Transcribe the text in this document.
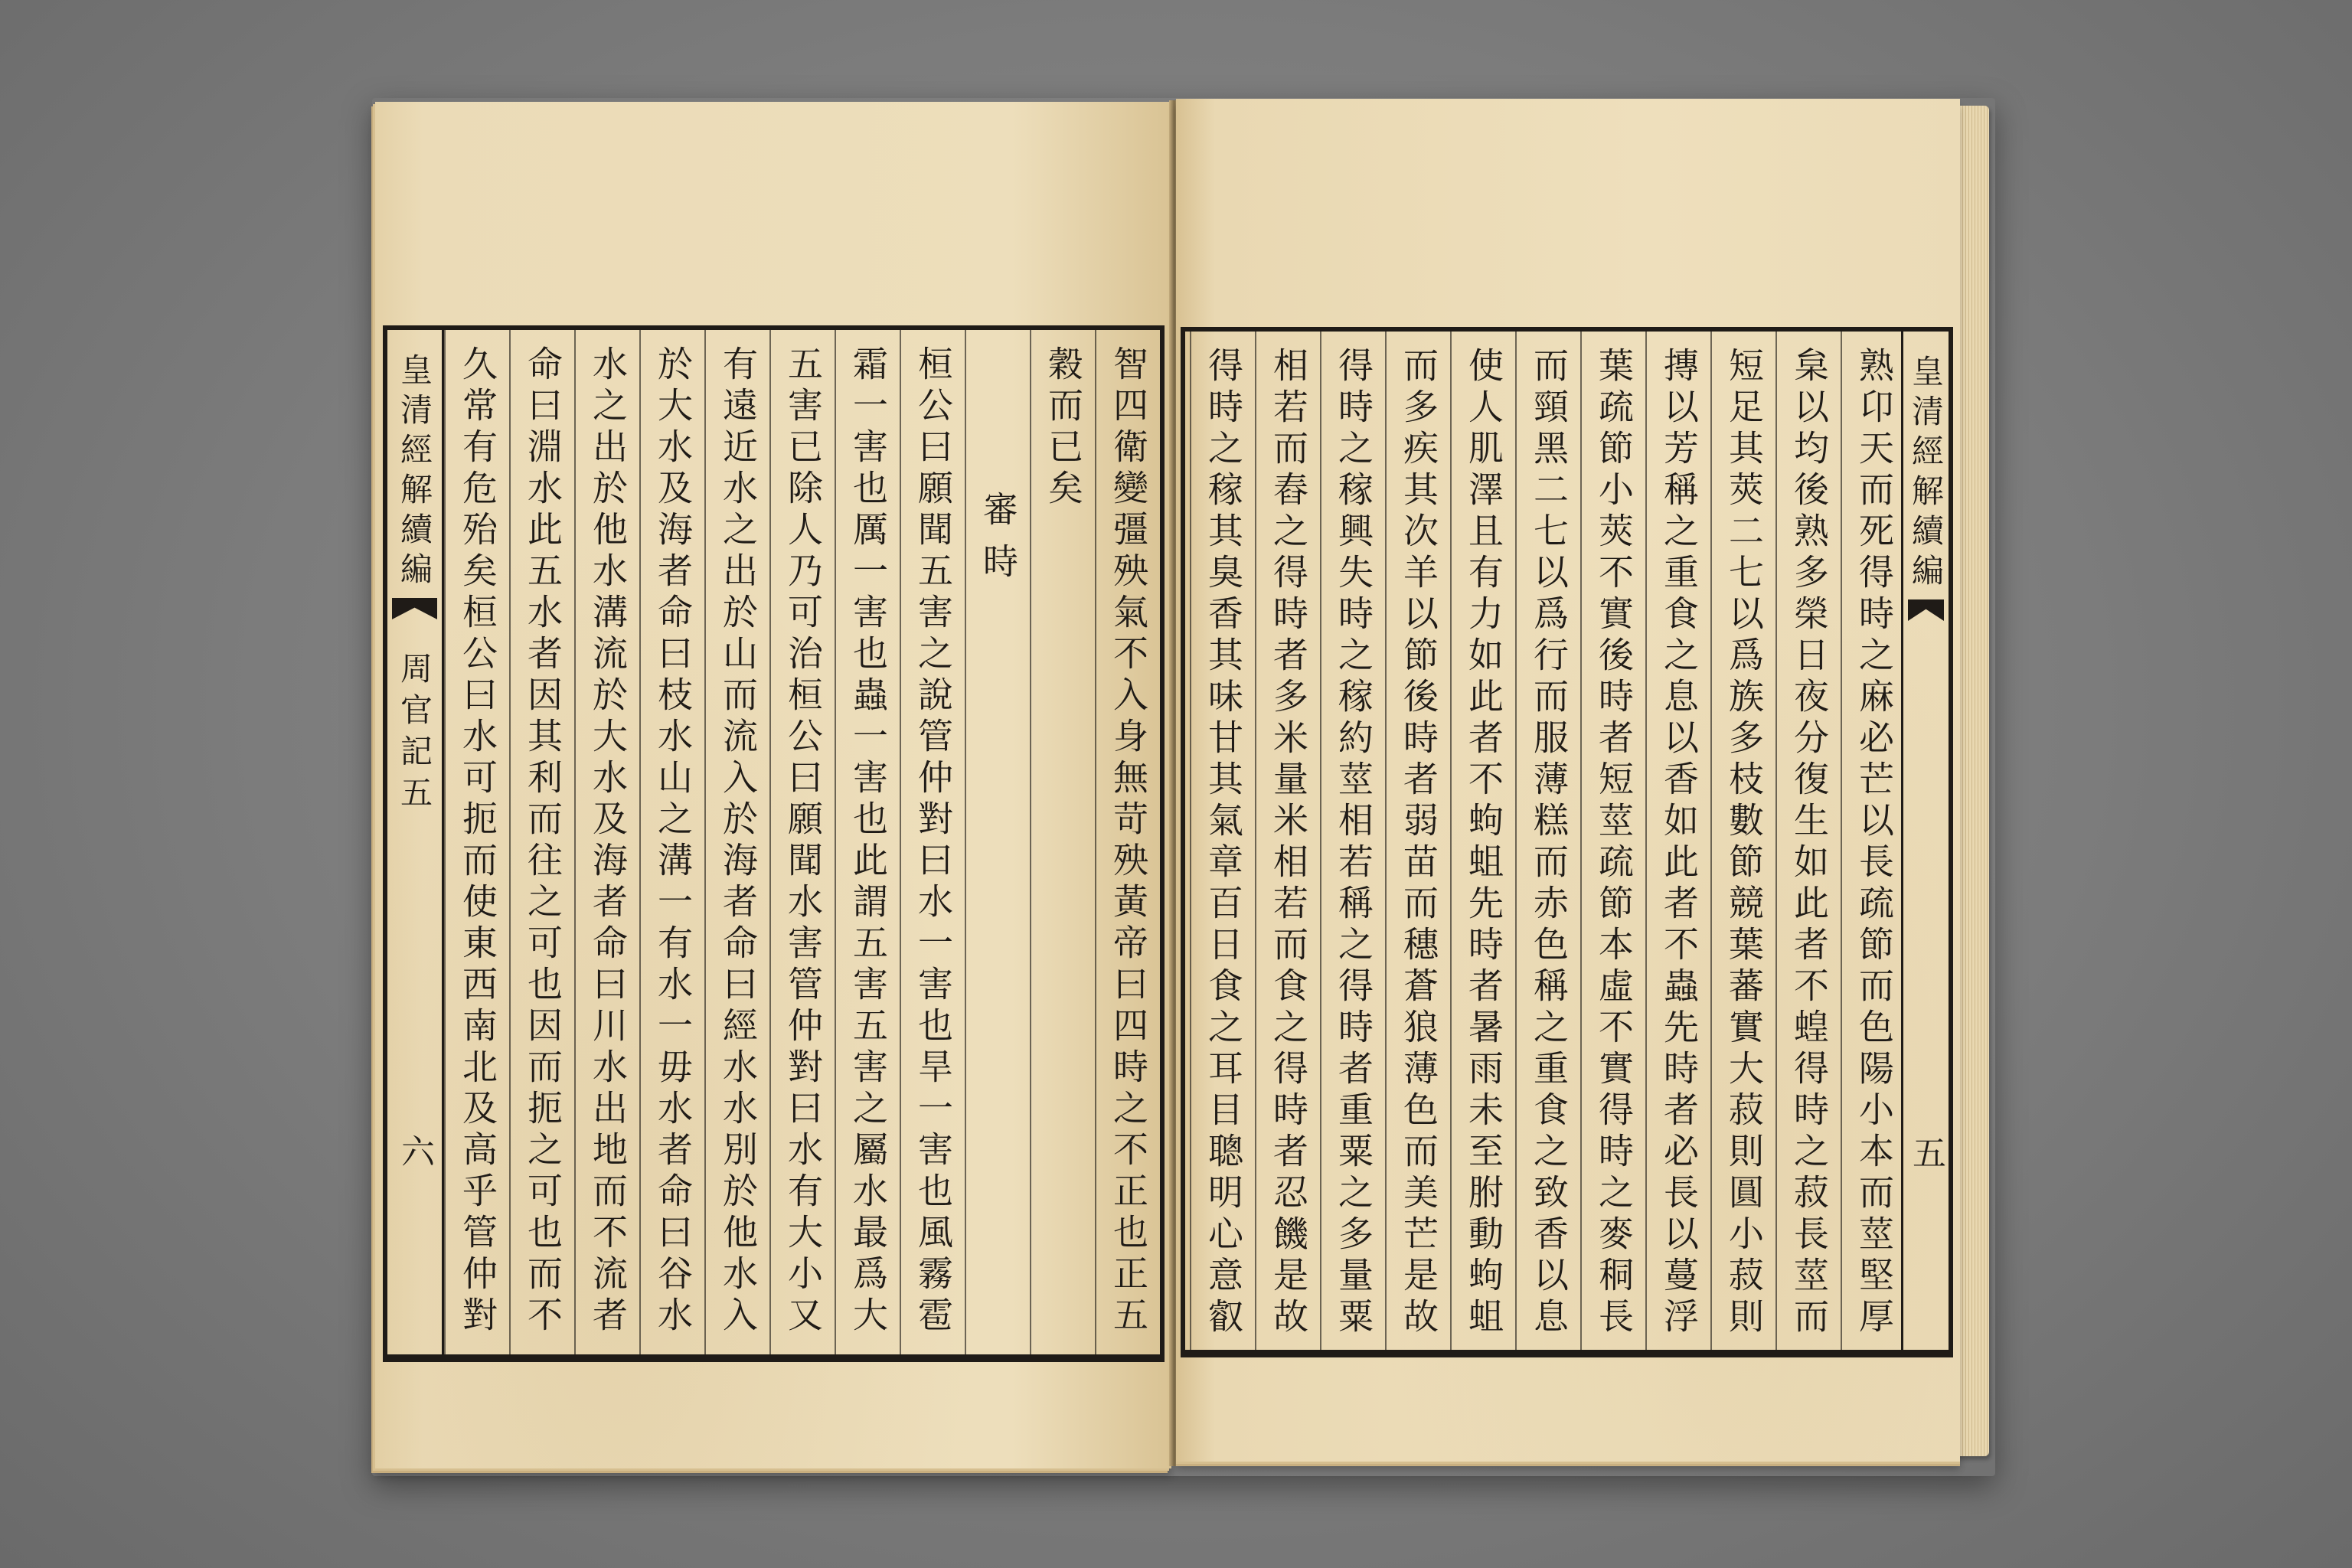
皇清經解續編
周官記五
六	智四衛變彊殃氣不入身無苛殃黃帝曰四時之不正也正五
穀而已矣
審時
桓公曰願聞五害之說管仲對曰水一害也旱一害也風霧雹
霜一害也厲一害也蟲一害也此謂五害五害之屬水最爲大
五害已除人乃可治桓公曰願聞水害管仲對曰水有大小又
有遠近水之出於山而流入於海者命曰經水水別於他水入
於大水及海者命曰枝水山之溝一有水一毋水者命曰谷水
水之出於他水溝流於大水及海者命曰川水出地而不流者
命曰淵水此五水者因其利而往之可也因而扼之可也而不
久常有危殆矣桓公曰水可扼而使東西南北及高乎管仲對	熟卬天而死得時之麻必芒以長疏節而色陽小本而莖堅厚
枲以均後熟多榮日夜分復生如此者不蝗得時之菽長莖而
短足其莢二七以爲族多枝數節競葉蕃實大菽則圓小菽則
摶以芳稱之重食之息以香如此者不蟲先時者必長以蔓浮
葉疏節小莢不實後時者短莖疏節本虛不實得時之麥秱長
而頸黑二七以爲行而服薄糕而赤色稱之重食之致香以息
使人肌澤且有力如此者不蚼蛆先時者暑雨未至胕動蚼蛆
而多疾其次羊以節後時者弱苗而穗蒼狼薄色而美芒是故
得時之稼興失時之稼約莖相若稱之得時者重粟之多量粟
相若而舂之得時者多米量米相若而食之得時者忍饑是故
得時之稼其臭香其味甘其氣章百日食之耳目聰明心意叡	皇清經解續編
五
